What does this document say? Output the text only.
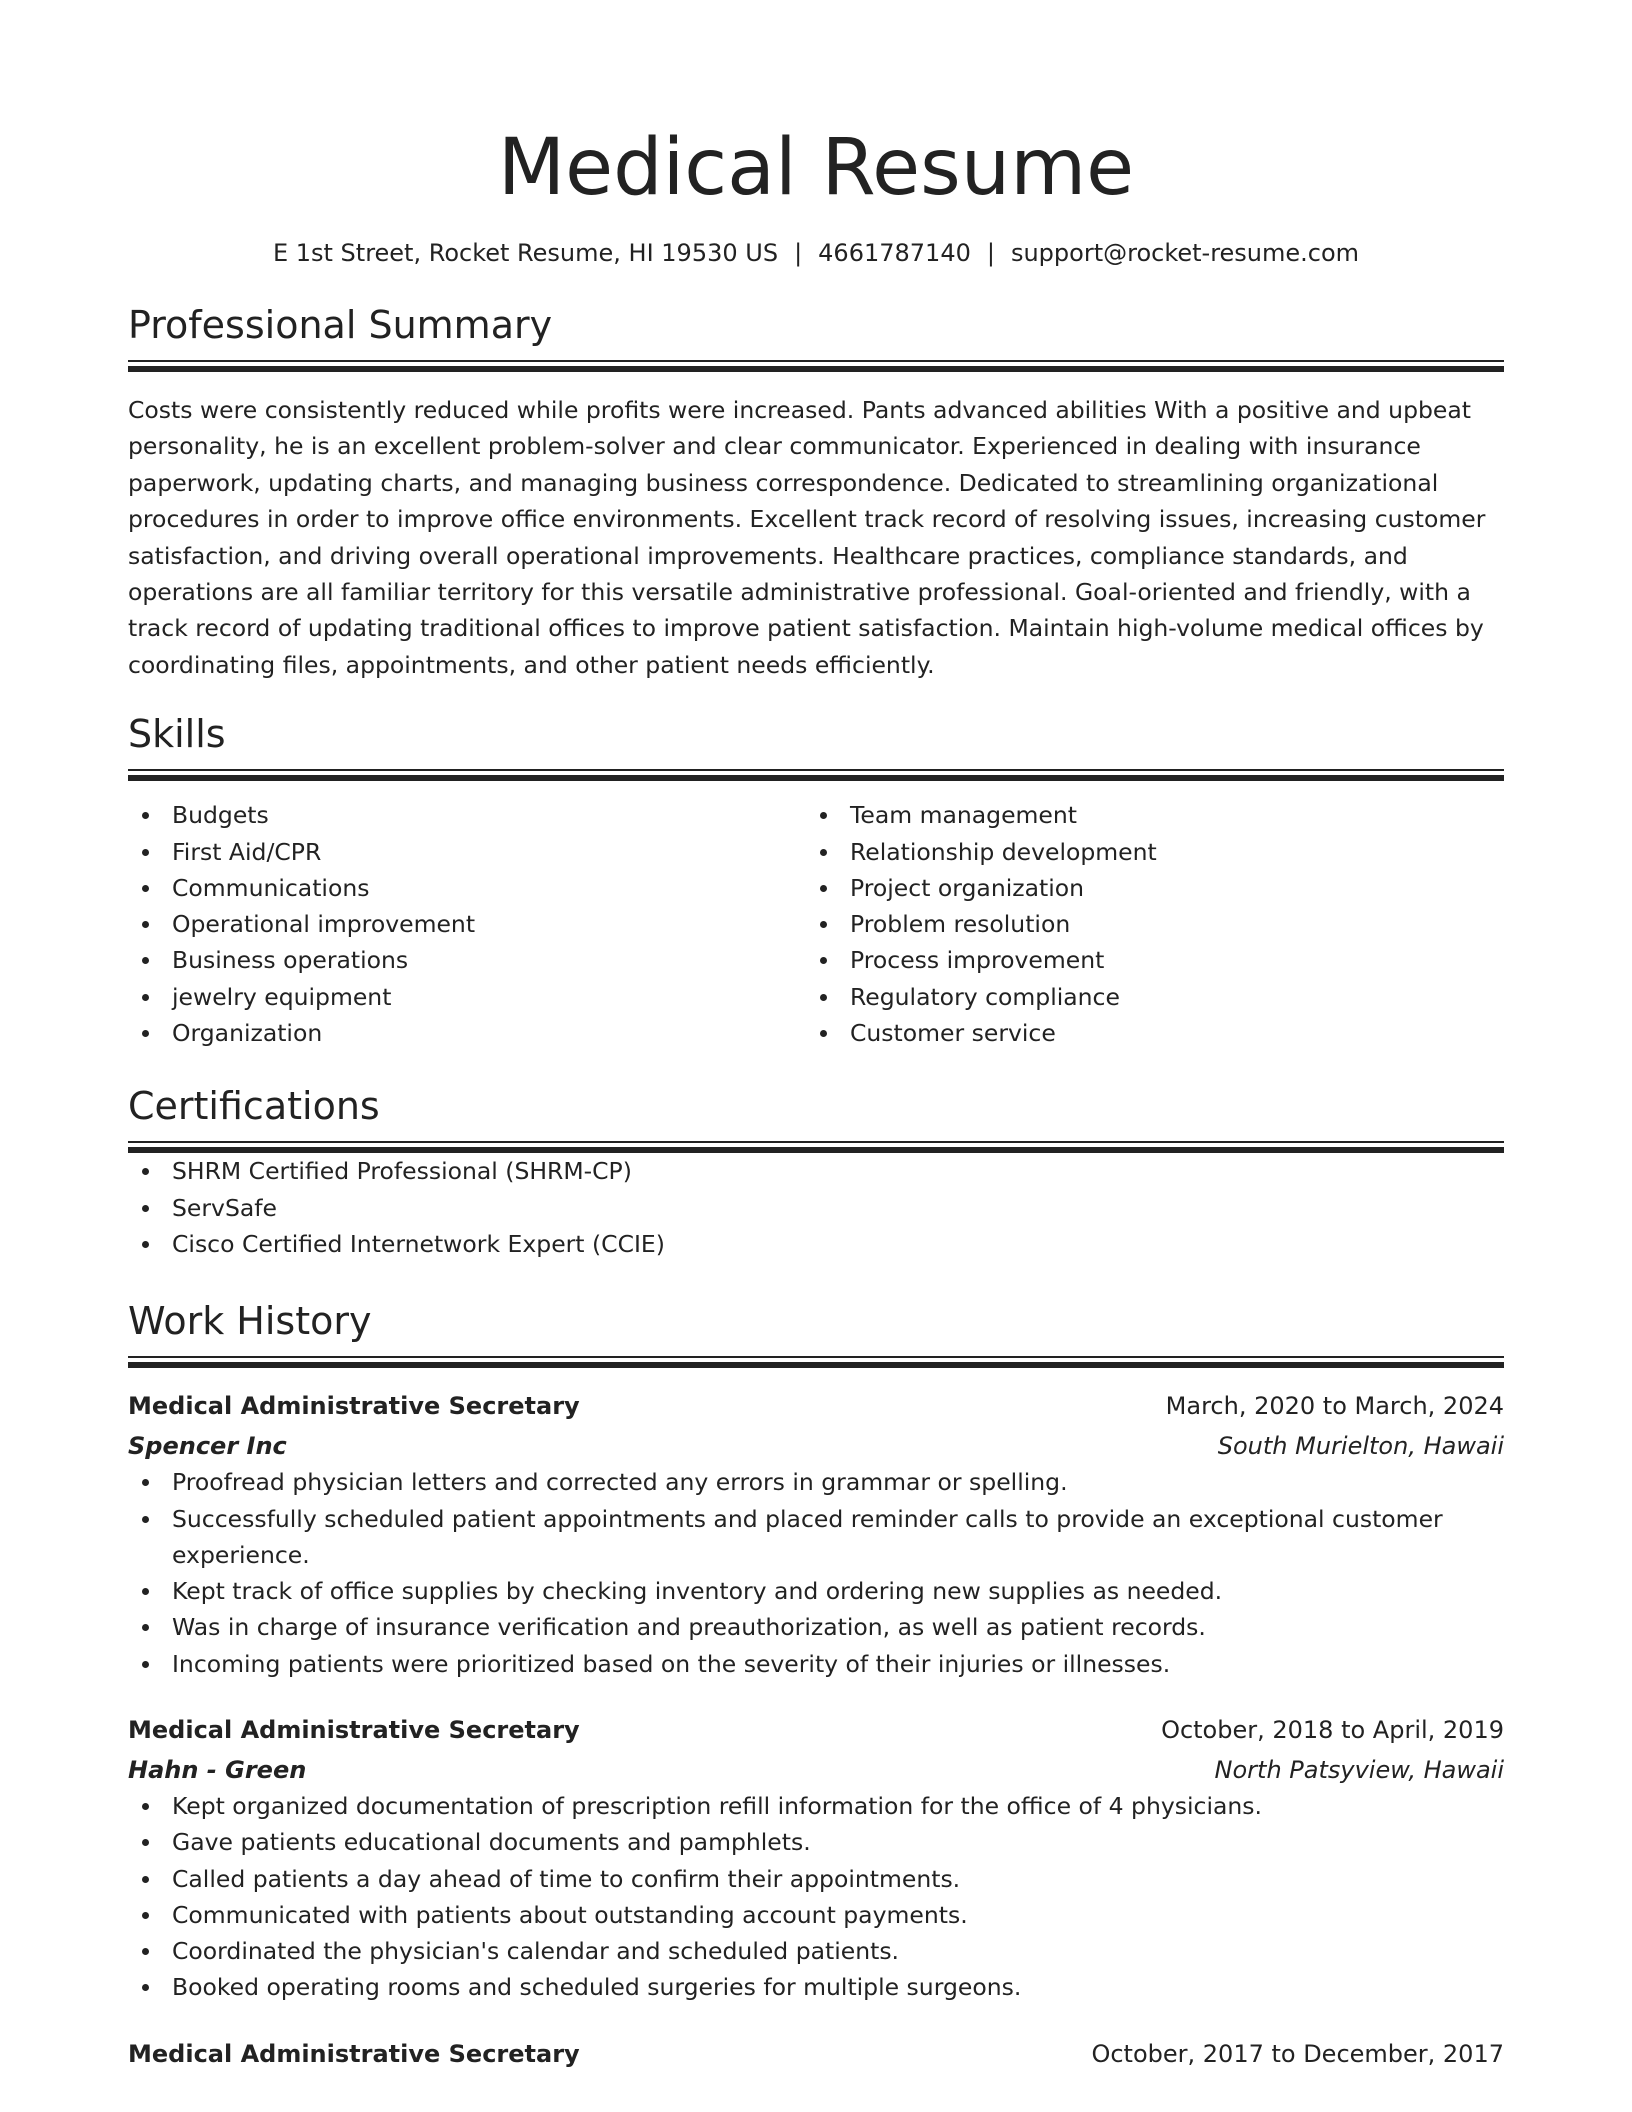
Medical Resume
E 1st Street, Rocket Resume, HI 19530 US | 4661787140 | support@rocket-resume.com
Professional Summary

Costs were consistently reduced while profits were increased. Pants advanced abilities With a positive and upbeat personality, he is an excellent problem-solver and clear communicator. Experienced in dealing with insurance paperwork, updating charts, and managing business correspondence. Dedicated to streamlining organizational procedures in order to improve office environments. Excellent track record of resolving issues, increasing customer satisfaction, and driving overall operational improvements. Healthcare practices, compliance standards, and operations are all familiar territory for this versatile administrative professional. Goal-oriented and friendly, with a track record of updating traditional offices to improve patient satisfaction. Maintain high-volume medical offices by coordinating files, appointments, and other patient needs efficiently.

Skills
Budgets
First Aid/CPR
Communications
Operational improvement
Business operations
jewelry equipment
Organization
Team management
Relationship development
Project organization
Problem resolution
Process improvement
Regulatory compliance
Customer service
Certifications
SHRM Certified Professional (SHRM-CP)
ServSafe
Cisco Certified Internetwork Expert (CCIE)
Work History
Medical Administrative Secretary	March, 2020 to March, 2024
Spencer Inc	South Murielton, Hawaii
Proofread physician letters and corrected any errors in grammar or spelling.
Successfully scheduled patient appointments and placed reminder calls to provide an exceptional customer experience.
Kept track of office supplies by checking inventory and ordering new supplies as needed.
Was in charge of insurance verification and preauthorization, as well as patient records.
Incoming patients were prioritized based on the severity of their injuries or illnesses.
Medical Administrative Secretary	October, 2018 to April, 2019
Hahn - Green	North Patsyview, Hawaii
Kept organized documentation of prescription refill information for the office of 4 physicians.
Gave patients educational documents and pamphlets.
Called patients a day ahead of time to confirm their appointments.
Communicated with patients about outstanding account payments.
Coordinated the physician's calendar and scheduled patients.
Booked operating rooms and scheduled surgeries for multiple surgeons.
Medical Administrative Secretary	October, 2017 to December, 2017
